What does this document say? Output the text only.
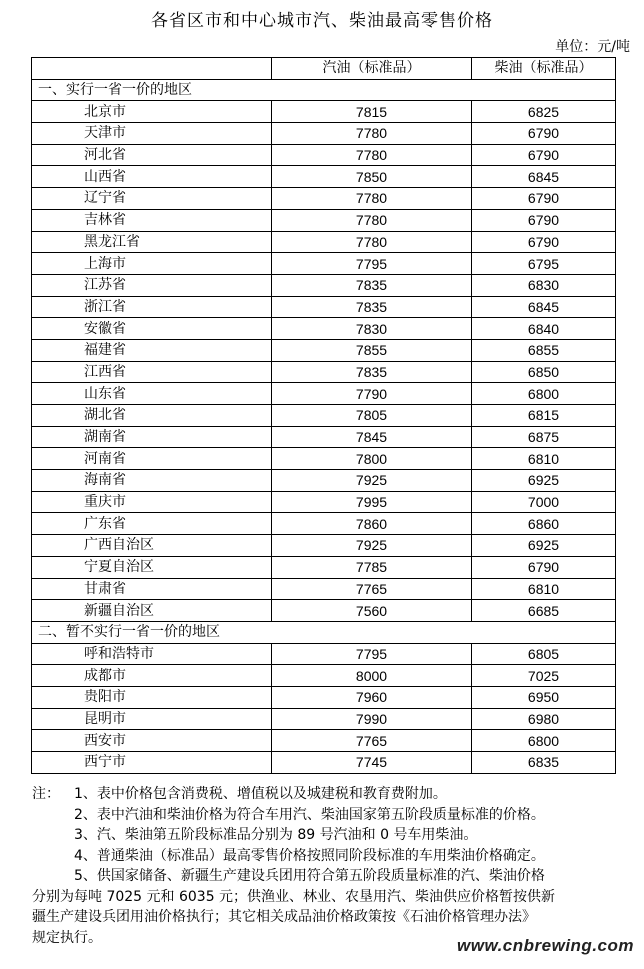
各省区市和中心城市汽、柴油最高零售价格
单位：元/吨
	汽油（标准品）	柴油（标准品）
一、实行一省一价的地区		
北京市	7815	6825
天津市	7780	6790
河北省	7780	6790
山西省	7850	6845
辽宁省	7780	6790
吉林省	7780	6790
黑龙江省	7780	6790
上海市	7795	6795
江苏省	7835	6830
浙江省	7835	6845
安徽省	7830	6840
福建省	7855	6855
江西省	7835	6850
山东省	7790	6800
湖北省	7805	6815
湖南省	7845	6875
河南省	7800	6810
海南省	7925	6925
重庆市	7995	7000
广东省	7860	6860
广西自治区	7925	6925
宁夏自治区	7785	6790
甘肃省	7765	6810
新疆自治区	7560	6685
二、暂不实行一省一价的地区		
呼和浩特市	7795	6805
成都市	8000	7025
贵阳市	7960	6950
昆明市	7990	6980
西安市	7765	6800
西宁市	7745	6835
注： 1、表中价格包含消费税、增值税以及城建税和教育费附加。
2、表中汽油和柴油价格为符合车用汽、柴油国家第五阶段质量标准的价格。
3、汽、柴油第五阶段标准品分别为 89 号汽油和 0 号车用柴油。
4、普通柴油（标准品）最高零售价格按照同阶段标准的车用柴油价格确定。
5、供国家储备、新疆生产建设兵团用符合第五阶段质量标准的汽、柴油价格
分别为每吨 7025 元和 6035 元；供渔业、林业、农垦用汽、柴油供应价格暂按供新
疆生产建设兵团用油价格执行；其它相关成品油价格政策按《石油价格管理办法》
规定执行。	www.cnbrewing.com
